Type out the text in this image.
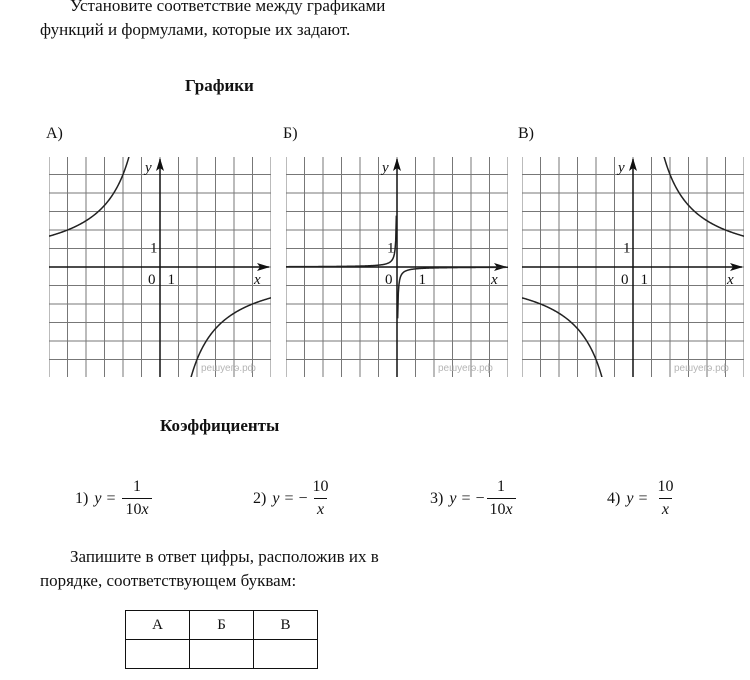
Установите соответствие между графиками
функций и формулами, которые их задают.
Графики
А)	Б)	В)
y
x
0 1
1
решуегэ.рф
y
x
0 1
1
решуегэ.рф
y
x
0 1
1
решуегэ.рф
Коэффициенты
1) $y = \frac{1}{10x}$	2) y = − $\frac{10}{x}$	3) y = − $\frac{1}{10x}$	4) $y = \frac{10}{x}$
Запишите в ответ цифры, расположив их в
порядке, соответствующем буквам:
А	Б	В
